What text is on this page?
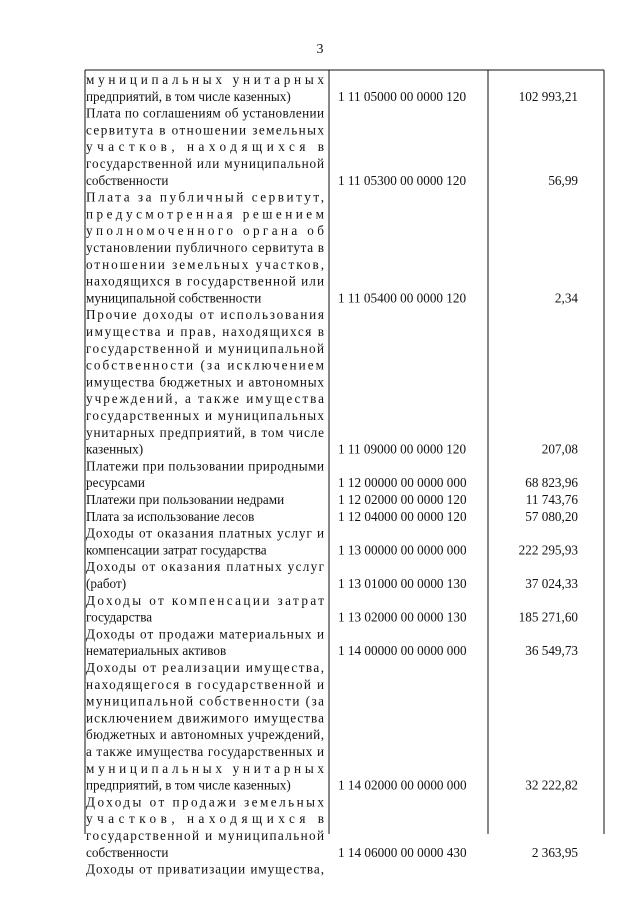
3
муниципальных унитарных
предприятий, в том числе казенных)	1 11 05000 00 0000 120	102 993,21
Плата по соглашениям об установлении
сервитута в отношении земельных
участков, находящихся в
государственной или муниципальной
собственности	1 11 05300 00 0000 120	56,99
Плата за публичный сервитут,
предусмотренная решением
уполномоченного органа об
установлении публичного сервитута в
отношении земельных участков,
находящихся в государственной или
муниципальной собственности	1 11 05400 00 0000 120	2,34
Прочие доходы от использования
имущества и прав, находящихся в
государственной и муниципальной
собственности (за исключением
имущества бюджетных и автономных
учреждений, а также имущества
государственных и муниципальных
унитарных предприятий, в том числе
казенных)	1 11 09000 00 0000 120	207,08
Платежи при пользовании природными
ресурсами	1 12 00000 00 0000 000	68 823,96
Платежи при пользовании недрами	1 12 02000 00 0000 120	11 743,76
Плата за использование лесов	1 12 04000 00 0000 120	57 080,20
Доходы от оказания платных услуг и
компенсации затрат государства	1 13 00000 00 0000 000	222 295,93
Доходы от оказания платных услуг
(работ)	1 13 01000 00 0000 130	37 024,33
Доходы от компенсации затрат
государства	1 13 02000 00 0000 130	185 271,60
Доходы от продажи материальных и
нематериальных активов	1 14 00000 00 0000 000	36 549,73
Доходы от реализации имущества,
находящегося в государственной и
муниципальной собственности (за
исключением движимого имущества
бюджетных и автономных учреждений,
а также имущества государственных и
муниципальных унитарных
предприятий, в том числе казенных)	1 14 02000 00 0000 000	32 222,82
Доходы от продажи земельных
участков, находящихся в
государственной и муниципальной
собственности	1 14 06000 00 0000 430	2 363,95
Доходы от приватизации имущества,
